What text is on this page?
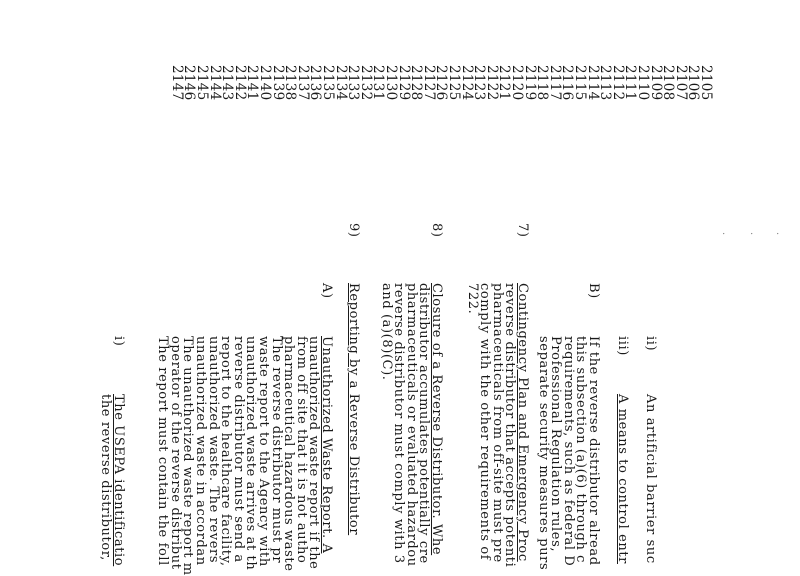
2105
2106
2107
2108
2109
2110
2111
2112
2113
2114
2115
2116
2117
2118
2119
2120
2121
2122
2123
2124
2125
2126
2127
2128
2129
2130
2131
2132
2133
2134
2135
2136
2137
2138
2139
2140
2141
2142
2143
2144
2145
2146
2147
·
·
·
ii)
An artificial barrier suc
iii)
A means to control entr
B)
If the reverse distributor alread
this subsection (a)(6) through c
requirements, such as federal D
Professional Regulation rules,
separate security measures purs
7)
Contingency Plan and Emergency Proc
reverse distributor that accepts potenti
pharmaceuticals from off-site must pre
comply with the other requirements of
722.
8)
Closure of a Reverse Distributor. Whe
distributor accumulates potentially cre
pharmaceuticals or evaluated hazardou
reverse distributor must comply with 3
and (a)(8)(C).
9)
Reporting by a Reverse Distributor
A)
Unauthorized Waste Report. A
unauthorized waste report if the
from off site that it is not autho
pharmaceutical hazardous waste
The reverse distributor must pr
waste report to the Agency with
unauthorized waste arrives at th
reverse distributor must send a
report to the healthcare facility,
unauthorized waste. The revers
unauthorized waste in accordan
The unauthorized waste report m
operator of the reverse distribut
The report must contain the foll
i)
The USEPA identificatio
the reverse distributor,
